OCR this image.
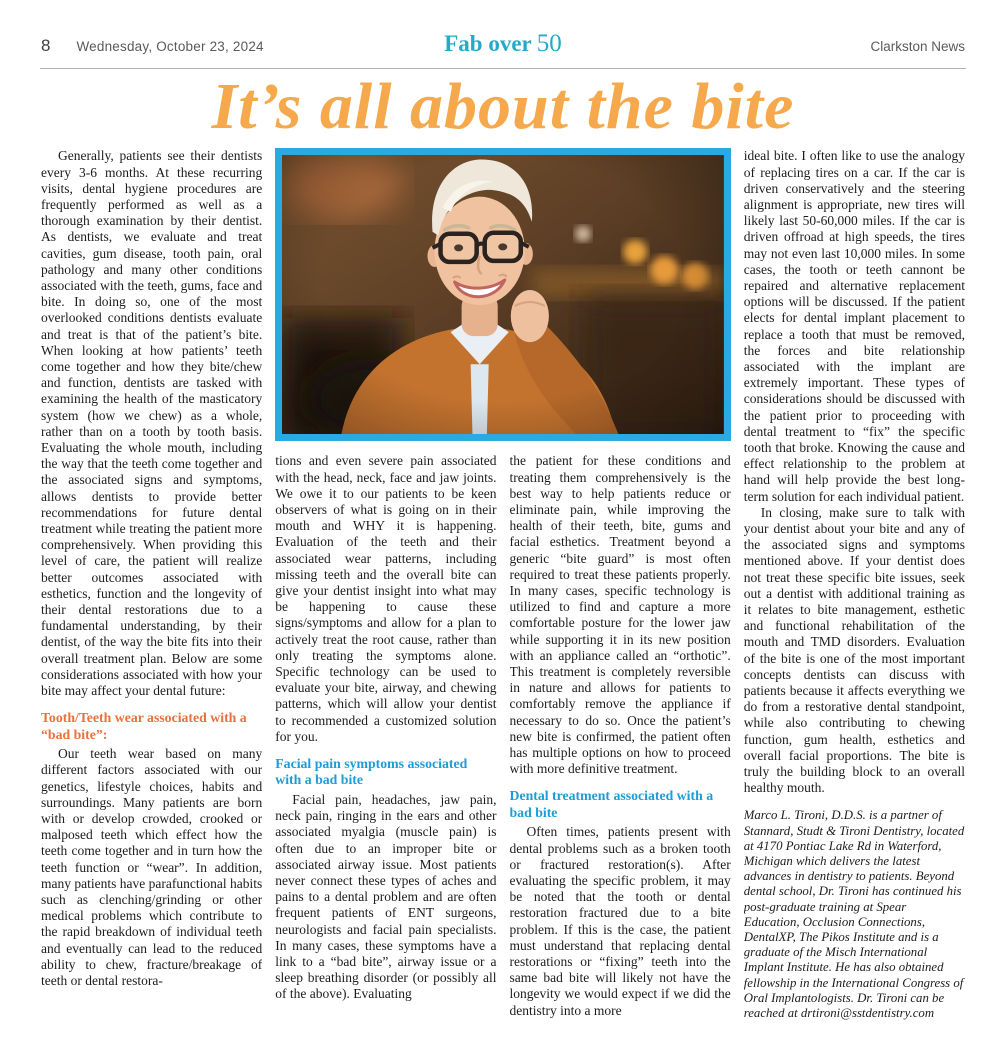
8 Wednesday, October 23, 2024	Fab over 50	Clarkston News
It’s all about the bite

Generally, patients see their dentists every 3-6 months. At these recurring visits, dental hygiene procedures are frequently performed as well as a thorough examination by their dentist. As dentists, we evaluate and treat cavities, gum disease, tooth pain, oral pathology and many other conditions associated with the teeth, gums, face and bite. In doing so, one of the most overlooked conditions dentists evaluate and treat is that of the patient’s bite. When looking at how patients’ teeth come together and how they bite/chew and function, dentists are tasked with examining the health of the masticatory system (how we chew) as a whole, rather than on a tooth by tooth basis. Evaluating the whole mouth, including the way that the teeth come together and the associated signs and symptoms, allows dentists to provide better recommendations for future dental treatment while treating the patient more comprehensively. When providing this level of care, the patient will realize better outcomes associated with esthetics, function and the longevity of their dental restorations due to a fundamental understanding, by their dentist, of the way the bite fits into their overall treatment plan. Below are some considerations associated with how your bite may affect your dental future:

Tooth/Teeth wear associated with a “bad bite”:

Our teeth wear based on many different factors associated with our genetics, lifestyle choices, habits and surroundings. Many patients are born with or develop crowded, crooked or malposed teeth which effect how the teeth come together and in turn how the teeth function or “wear”. In addition, many patients have parafunctional habits such as clenching/grinding or other medical problems which contribute to the rapid breakdown of individual teeth and eventually can lead to the reduced ability to chew, fracture/breakage of teeth or dental restora-

tions and even severe pain associated with the head, neck, face and jaw joints. We owe it to our patients to be keen observers of what is going on in their mouth and WHY it is happening. Evaluation of the teeth and their associated wear patterns, including missing teeth and the overall bite can give your dentist insight into what may be happening to cause these signs/symptoms and allow for a plan to actively treat the root cause, rather than only treating the symptoms alone. Specific technology can be used to evaluate your bite, airway, and chewing patterns, which will allow your dentist to recommended a customized solution for you.

Facial pain symptoms associated with a bad bite

Facial pain, headaches, jaw pain, neck pain, ringing in the ears and other associated myalgia (muscle pain) is often due to an improper bite or associated airway issue. Most patients never connect these types of aches and pains to a dental problem and are often frequent patients of ENT surgeons, neurologists and facial pain specialists. In many cases, these symptoms have a link to a “bad bite”, airway issue or a sleep breathing disorder (or possibly all of the above). Evaluating

the patient for these conditions and treating them comprehensively is the best way to help patients reduce or eliminate pain, while improving the health of their teeth, bite, gums and facial esthetics. Treatment beyond a generic “bite guard” is most often required to treat these patients properly. In many cases, specific technology is utilized to find and capture a more comfortable posture for the lower jaw while supporting it in its new position with an appliance called an “orthotic”. This treatment is completely reversible in nature and allows for patients to comfortably remove the appliance if necessary to do so. Once the patient’s new bite is confirmed, the patient often has multiple options on how to proceed with more definitive treatment.

Dental treatment associated with a bad bite

Often times, patients present with dental problems such as a broken tooth or fractured restoration(s). After evaluating the specific problem, it may be noted that the tooth or dental restoration fractured due to a bite problem. If this is the case, the patient must understand that replacing dental restorations or “fixing” teeth into the same bad bite will likely not have the longevity we would expect if we did the dentistry into a more

ideal bite. I often like to use the analogy of replacing tires on a car. If the car is driven conservatively and the steering alignment is appropriate, new tires will likely last 50-60,000 miles. If the car is driven offroad at high speeds, the tires may not even last 10,000 miles. In some cases, the tooth or teeth cannont be repaired and alternative replacement options will be discussed. If the patient elects for dental implant placement to replace a tooth that must be removed, the forces and bite relationship associated with the implant are extremely important. These types of considerations should be discussed with the patient prior to proceeding with dental treatment to “fix” the specific tooth that broke. Knowing the cause and effect relationship to the problem at hand will help provide the best long-term solution for each individual patient.

In closing, make sure to talk with your dentist about your bite and any of the associated signs and symptoms mentioned above. If your dentist does not treat these specific bite issues, seek out a dentist with additional training as it relates to bite management, esthetic and functional rehabilitation of the mouth and TMD disorders. Evaluation of the bite is one of the most important concepts dentists can discuss with patients because it affects everything we do from a restorative dental standpoint, while also contributing to chewing function, gum health, esthetics and overall facial proportions. The bite is truly the building block to an overall healthy mouth.

Marco L. Tironi, D.D.S. is a partner of Stannard, Studt & Tironi Dentistry, located at 4170 Pontiac Lake Rd in Waterford, Michigan which delivers the latest advances in dentistry to patients. Beyond dental school, Dr. Tironi has continued his post-graduate training at Spear Education, Occlusion Connections, DentalXP, The Pikos Institute and is a graduate of the Misch International Implant Institute. He has also obtained fellowship in the International Congress of Oral Implantologists. Dr. Tironi can be reached at drtironi@sstdentistry.com
